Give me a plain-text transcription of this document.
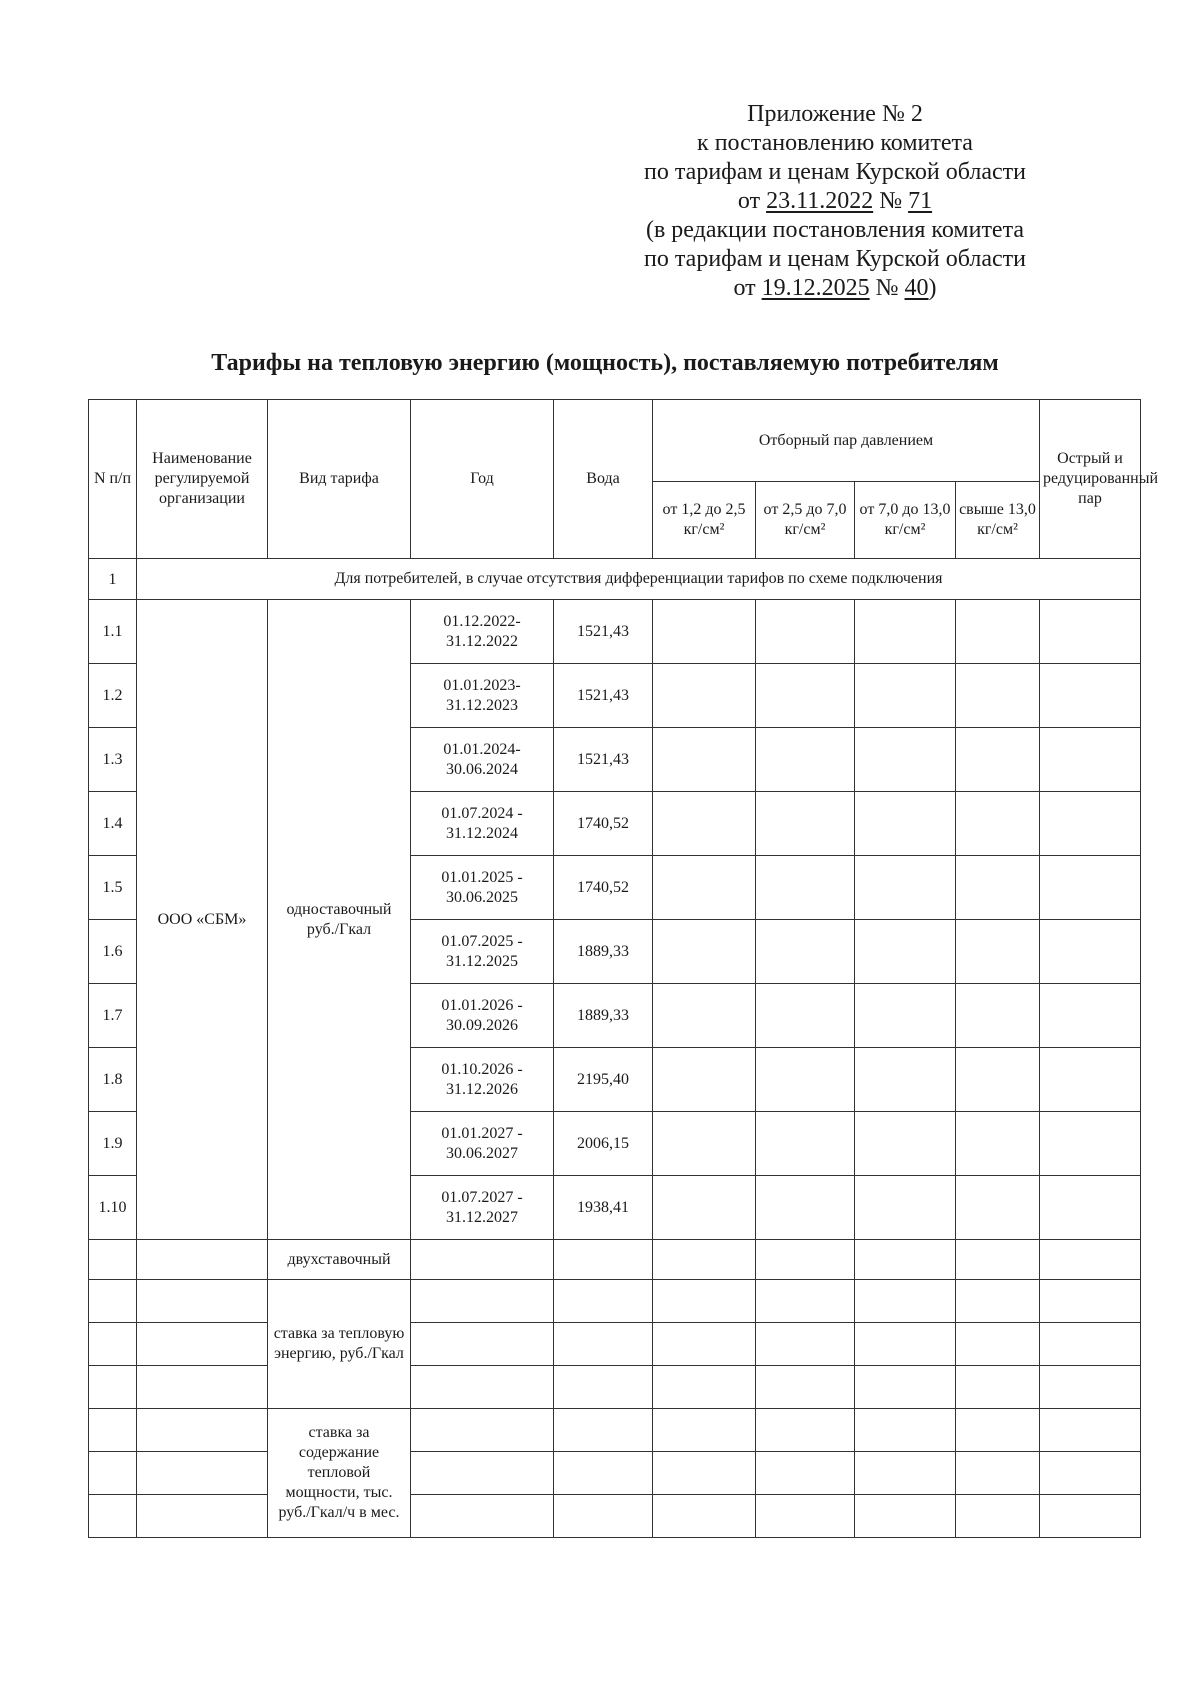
Приложение № 2
к постановлению комитета
по тарифам и ценам Курской области
от 23.11.2022 № 71
(в редакции постановления комитета
по тарифам и ценам Курской области
от 19.12.2025 № 40)
Тарифы на тепловую энергию (мощность), поставляемую потребителям
N п/п	Наименование регулируемой организации	Вид тарифа	Год	Вода	Отборный пар давлением				Острый и редуцированный пар
					от 1,2 до 2,5 кг/см²	от 2,5 до 7,0 кг/см²	от 7,0 до 13,0 кг/см²	свыше 13,0 кг/см²	
1	Для потребителей, в случае отсутствия дифференциации тарифов по схеме подключения								
1.1	ООО «СБМ»	одноставочный руб./Гкал	01.12.2022-31.12.2022	1521,43					
1.2			01.01.2023-31.12.2023	1521,43					
1.3			01.01.2024-30.06.2024	1521,43					
1.4			01.07.2024 - 31.12.2024	1740,52					
1.5			01.01.2025 - 30.06.2025	1740,52					
1.6			01.07.2025 - 31.12.2025	1889,33					
1.7			01.01.2026 - 30.09.2026	1889,33					
1.8			01.10.2026 - 31.12.2026	2195,40					
1.9			01.01.2027 - 30.06.2027	2006,15					
1.10			01.07.2027 - 31.12.2027	1938,41					
		двухставочный							
		ставка за тепловую энергию, руб./Гкал							

		ставка за содержание тепловой мощности, тыс. руб./Гкал/ч в мес.							
